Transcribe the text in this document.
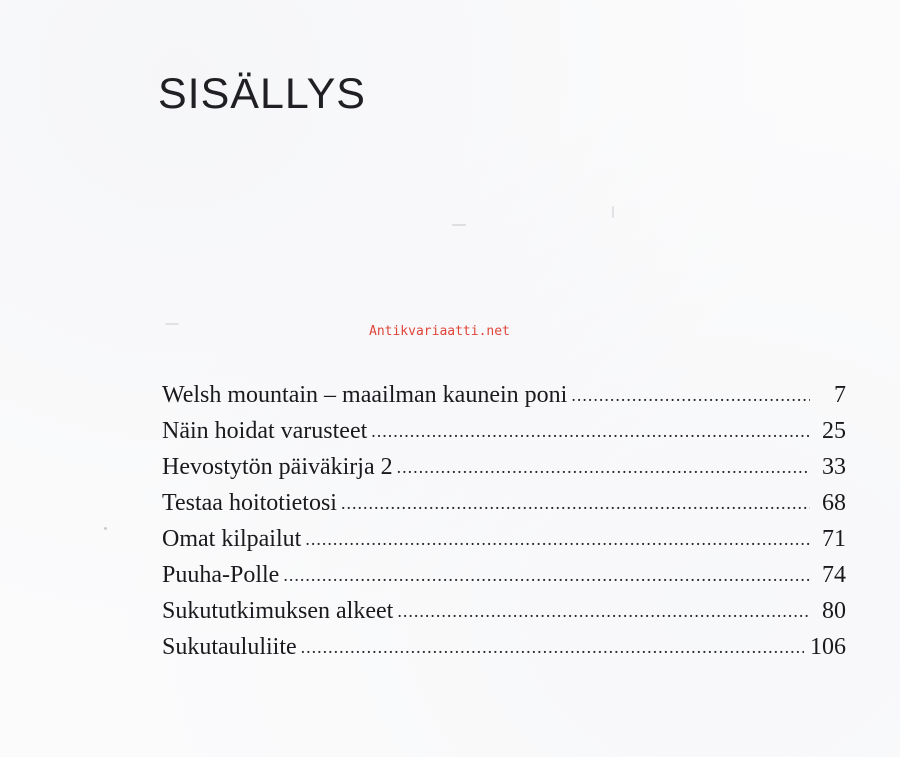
SISÄLLYS
Antikvariaatti.net
Welsh mountain – maailman kaunein poni .....	7
Näin hoidat varusteet .....	25
Hevostytön päiväkirja 2 .....	33
Testaa hoitotietosi .....	68
Omat kilpailut .....	71
Puuha-Polle .....	74
Sukututkimuksen alkeet .....	80
Sukutaululiite .....	106
